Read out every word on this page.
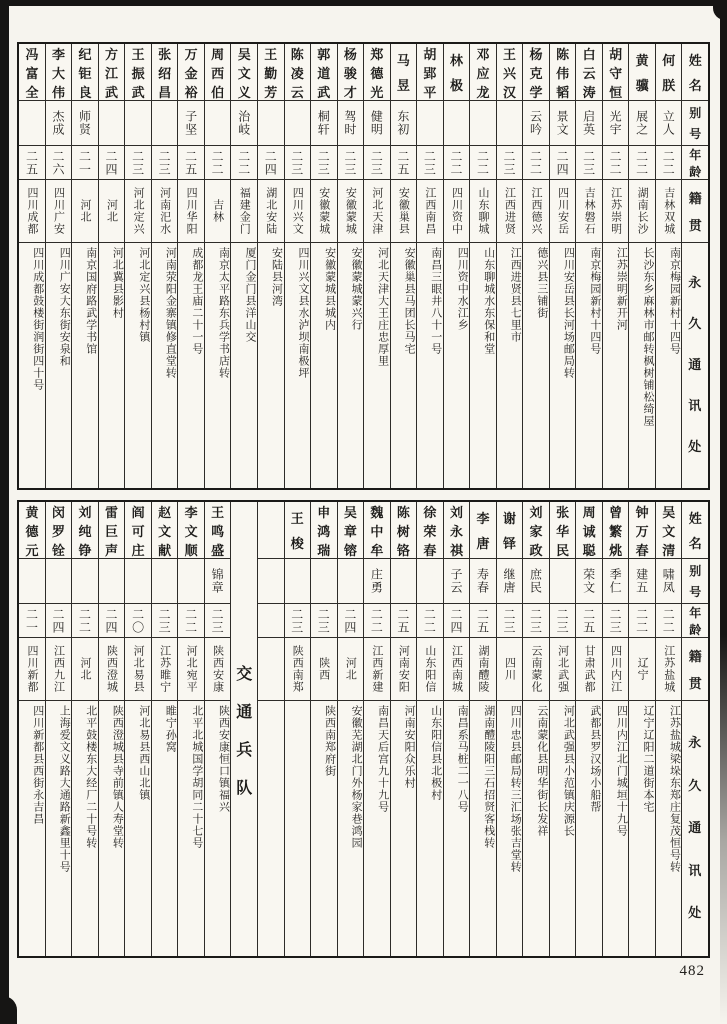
姓
名
别
号
年
龄
籍
贯
永
久
通
讯
处
何
朕
立人
二二
吉林双城
南京梅园新村十四号
黄
骥
展之
二二
湖南长沙
长沙东乡麻林市邮转枫树铺松绮屋
胡
守
恒
光宇
二二
江苏崇明
江苏崇明新开河
白
云
涛
启英
二三
吉林磐石
南京梅园新村十四号
陈
伟
韬
景文
二四
四川安岳
四川安岳县长河场邮局转
杨
克
学
云吟
二二
江西德兴
德兴县三铺街
王
兴
汉
二三
江西进贤
江西进贤县七里市
邓
应
龙
二二
山东聊城
山东聊城水东保和堂
林
极
二二
四川资中
四川资中水江乡
胡
郢
平
二三
江西南昌
南昌三眼井八十一号
马
昱
东初
二五
安徽巢县
安徽巢县马团长马宅
郑
德
光
健明
二三
河北天津
河北天津大王庄忠厚里
杨
骏
才
驾时
二三
安徽蒙城
安徽蒙城蒙兴行
郭
道
武
桐轩
二三
安徽蒙城
安徽蒙城县城内
陈
凌
云
二三
四川兴文
四川兴文县水泸坝南极坪
王
勤
芳
二四
湖北安陆
安陆县河湾
吴
文
义
治岐
二二
福建金门
厦门金门县洋山交
周
西
伯
二二
吉林
南京太平路东兵学书店转
万
金
裕
子坚
二五
四川华阳
成都龙王庙二十一号
张
绍
昌
二三
河南汜水
河南荥阳金寨镇修直堂转
王
振
武
二三
河北定兴
河北定兴县杨村镇
方
江
武
二四
河北
河北冀县影村
纪
钜
良
师贤
二一
河北
南京国府路武学书馆
李
大
伟
杰成
二六
四川广安
四川广安大东街安泉和
冯
富
全
二五
四川成都
四川成都鼓楼街润街四十号
姓
名
别
号
年
龄
籍
贯
永
久
通
讯
处
吴
文
清
啸凤
二二
江苏盐城
江苏盐城梁垛东郑庄复茂恒号转
钟
万
春
建五
二二
辽宁
辽宁辽阳二道街本宅
曾
繁
烑
季仁
二三
四川内江
四川内江北门城垣十九号
周
诚
聪
荣文
二五
甘肃武都
武都县罗汉场小船帮
张
华
民
二三
河北武强
河北武强县小范镇庆源长
刘
家
政
庶民
二三
云南蒙化
云南蒙化县明华街长发祥
谢
铎
继唐
二三
四川
四川忠县邮局转三汇场张吉堂转
李
唐
寿春
二五
湖南醴陵
湖南醴陵阳三石招贤客栈转
刘
永
祺
子云
二四
江西南城
南昌系马桩二一八号
徐
荣
春
二二
山东阳信
山东阳信县北极村
陈
树
铬
二五
河南安阳
河南安阳众乐村
魏
中
牟
庄勇
二二
江西新建
南昌天后宫九十九号
吴
章
镕
二四
河北
安徽芜湖北门外杨家巷鸿园
申
鸿
瑞
二三
陕西
陕西南郑府街
王
梭
二三
陕西南郑
交
通
兵
队
王
鸣
盛
锦章
二三
陕西安康
陕西安康恒口镇福兴
李
文
顺
二二
河北宛平
北平北城国学胡同二十七号
赵
文
献
二三
江苏睢宁
睢宁孙窝
阎
可
庄
二〇
河北易县
河北易县西山北镇
雷
巨
声
二四
陕西澄城
陕西澄城县寺前镇人寿堂转
刘
纯
铮
二二
河北
北平鼓楼东大经厂二十号转
闵
罗
铨
二四
江西九江
上海爱文义路大通路新鑫里十号
黄
德
元
二一
四川新都
四川新都县西街永吉昌
482
